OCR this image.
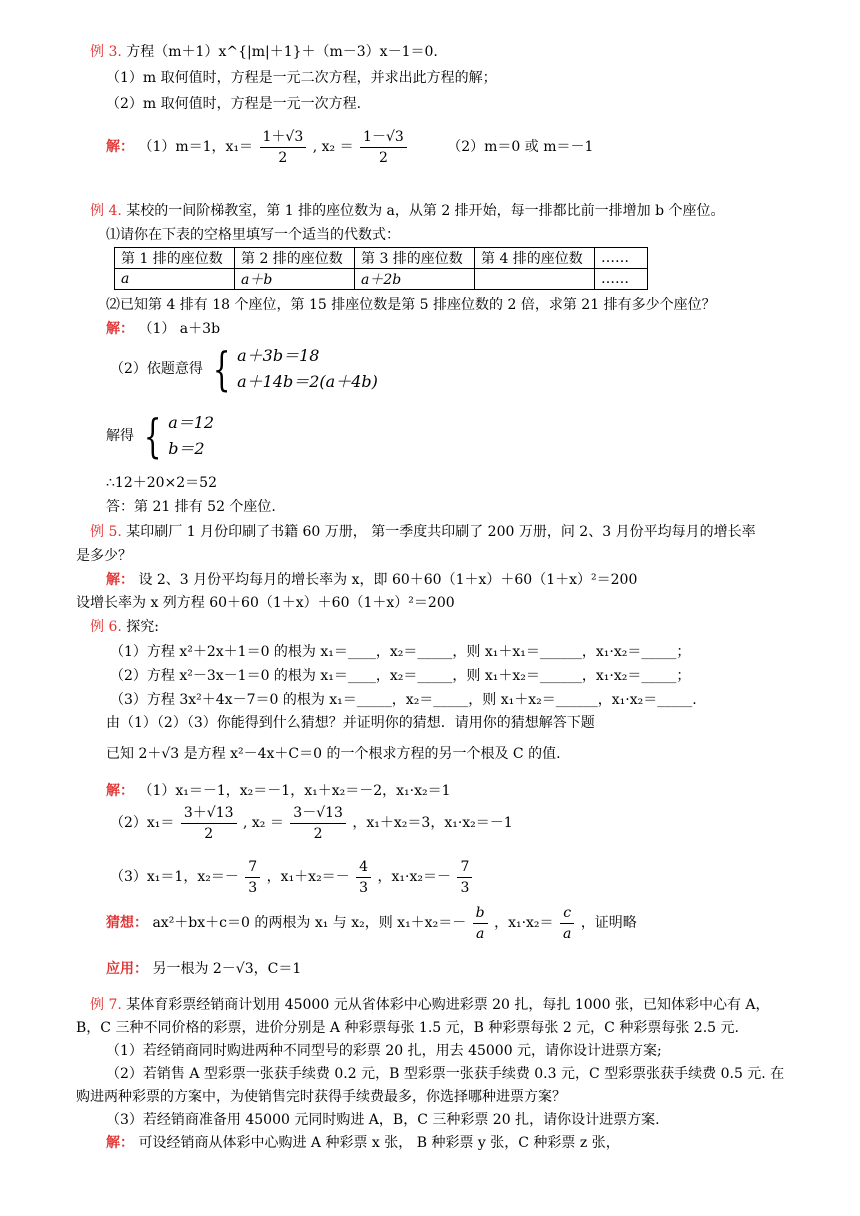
例 3. 方程（m＋1）x^{|m|＋1}＋（m－3）x－1＝0.
（1）m 取何值时，方程是一元二次方程，并求出此方程的解；
（2）m 取何值时，方程是一元一次方程.
解： （1）m＝1，$x_1= \frac{1+√3}{2}$ , $x_2 = \frac{1-√3}{2}$	（2）m＝0 或 m＝－1
例 4. 某校的一间阶梯教室，第 1 排的座位数为 a，从第 2 排开始，每一排都比前一排增加 b 个座位。
⑴请你在下表的空格里填写一个适当的代数式：
第 1 排的座位数	第 2 排的座位数	第 3 排的座位数	第 4 排的座位数	……
a	a＋b	a＋2b		……
⑵已知第 4 排有 18 个座位，第 15 排座位数是第 5 排座位数的 2 倍，求第 21 排有多少个座位？
解： （1） a＋3b
（2）依题意得 { a＋3b＝18
a＋14b＝2(a＋4b)
解得 { a＝12
b＝2
∴12＋20×2＝52
答：第 21 排有 52 个座位.
例 5. 某印刷厂 1 月份印刷了书籍 60 万册， 第一季度共印刷了 200 万册，问 2、3 月份平均每月的增长率
是多少？
解： 设 2、3 月份平均每月的增长率为 x，即 60＋60（1＋x）＋60（1＋x）²＝200
设增长率为 x 列方程 60＋60（1＋x）＋60（1＋x）²＝200
例 6. 探究:
（1）方程 x²＋2x＋1＝0 的根为 x₁＝____，x₂＝_____，则 x₁＋x₁＝______，x₁·x₂＝_____；
（2）方程 x²－3x－1＝0 的根为 x₁＝____，x₂＝_____，则 x₁＋x₂＝______，x₁·x₂＝_____；
（3）方程 3x²＋4x－7＝0 的根为 x₁＝_____，x₂＝_____，则 x₁＋x₂＝______，x₁·x₂＝_____.
由（1）（2）（3）你能得到什么猜想？并证明你的猜想．请用你的猜想解答下题
已知 2＋√3 是方程 x²－4x＋C＝0 的一个根求方程的另一个根及 C 的值.
解： （1）x₁＝－1，x₂＝－1，x₁＋x₂＝－2，x₁·x₂＝1
$(2)x_1= \frac{3+√13}{2}$ , $x_2 = \frac{3-√13}{2}$ ，x₁＋x₂＝3，x₁·x₂＝－1
（3）x₁＝1，$x_2=- \frac{7}{3}$ ，$x_1+x_2=- \frac{4}{3}$ ，$x_1\cdot x_2=- \frac{7}{3}$
猜想： ax²＋bx＋c＝0 的两根为 x₁ 与 x₂，则 $x_1+x_2=- \frac{b}{a}$ ，$x_1\cdot x_2= \frac{c}{a}$ ，证明略
应用： 另一根为 2－√3，C＝1
例 7. 某体育彩票经销商计划用 45000 元从省体彩中心购进彩票 20 扎，每扎 1000 张，已知体彩中心有 A，
B，C 三种不同价格的彩票，进价分别是 A 种彩票每张 1.5 元，B 种彩票每张 2 元，C 种彩票每张 2.5 元.
（1）若经销商同时购进两种不同型号的彩票 20 扎，用去 45000 元，请你设计进票方案;
（2）若销售 A 型彩票一张获手续费 0.2 元，B 型彩票一张获手续费 0.3 元，C 型彩票张获手续费 0.5 元. 在
购进两种彩票的方案中，为使销售完时获得手续费最多，你选择哪种进票方案？
（3）若经销商准备用 45000 元同时购进 A，B，C 三种彩票 20 扎，请你设计进票方案.
解： 可设经销商从体彩中心购进 A 种彩票 x 张， B 种彩票 y 张，C 种彩票 z 张，
